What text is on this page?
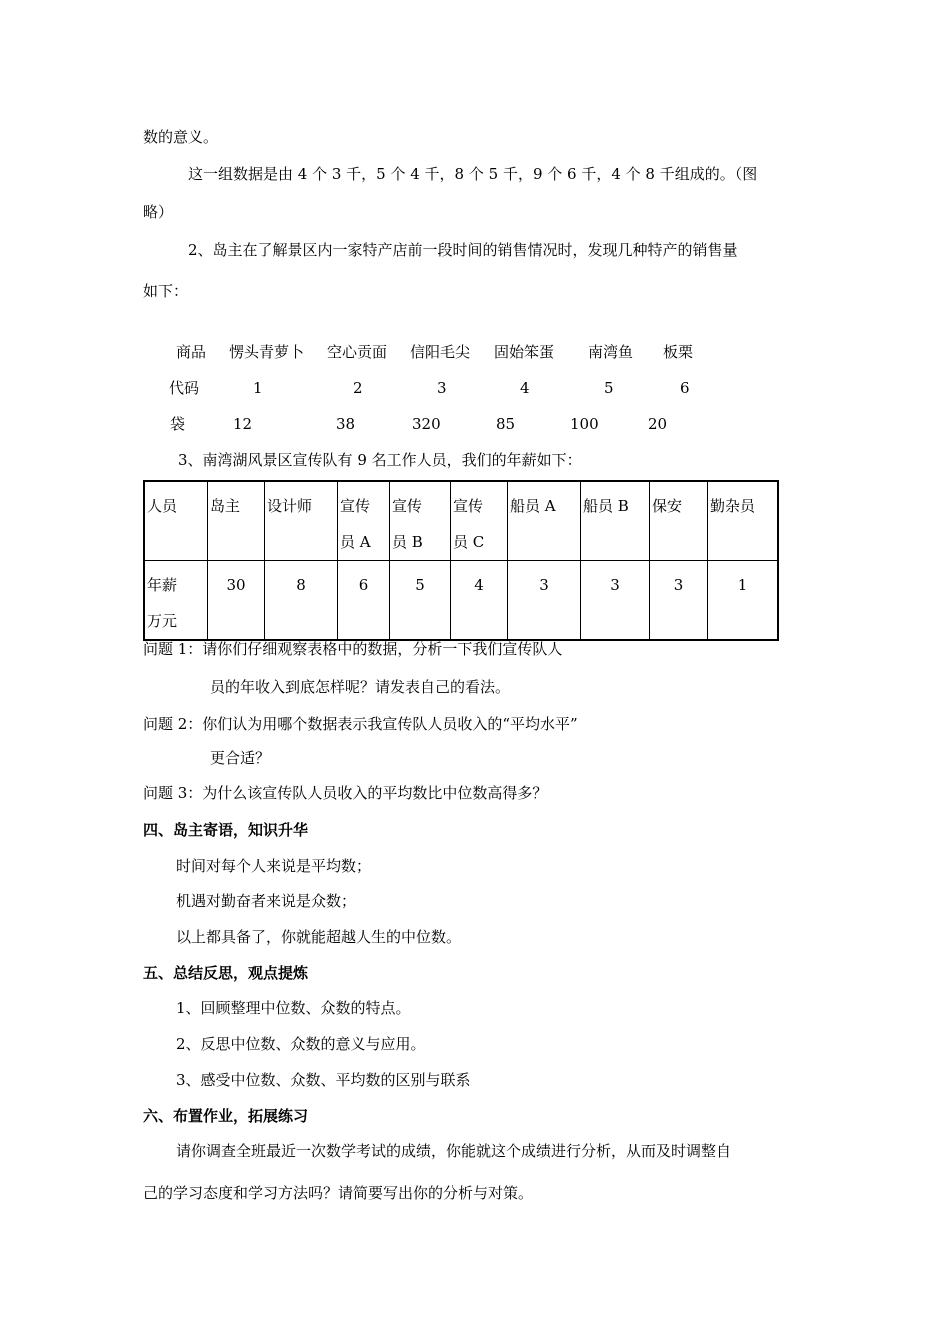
数的意义。
这一组数据是由 4 个 3 千，5 个 4 千，8 个 5 千，9 个 6 千，4 个 8 千组成的。（图
略）
2、岛主在了解景区内一家特产店前一段时间的销售情况时，发现几种特产的销售量
如下：
商品 愣头青萝卜 空心贡面 信阳毛尖 固始笨蛋 南湾鱼 板栗
代码	1	2	3	4	5	6
袋	12	38	320	85	100	20
3、南湾湖风景区宣传队有 9 名工作人员，我们的年薪如下：
人员	岛主	设计师	宣传
员 A	宣传
员 B	宣传
员 C	船员 A	船员 B	保安	勤杂员
年薪
万元	30	8	6	5	4	3	3	3	1
问题 1：请你们仔细观察表格中的数据，分析一下我们宣传队人
员的年收入到底怎样呢？请发表自己的看法。
问题 2：你们认为用哪个数据表示我宣传队人员收入的“平均水平”
更合适？
问题 3：为什么该宣传队人员收入的平均数比中位数高得多？
四、岛主寄语，知识升华
时间对每个人来说是平均数；
机遇对勤奋者来说是众数；
以上都具备了，你就能超越人生的中位数。
五、总结反思，观点提炼
1、回顾整理中位数、众数的特点。
2、反思中位数、众数的意义与应用。
3、感受中位数、众数、平均数的区别与联系
六、布置作业，拓展练习
请你调查全班最近一次数学考试的成绩，你能就这个成绩进行分析，从而及时调整自
己的学习态度和学习方法吗？请简要写出你的分析与对策。
